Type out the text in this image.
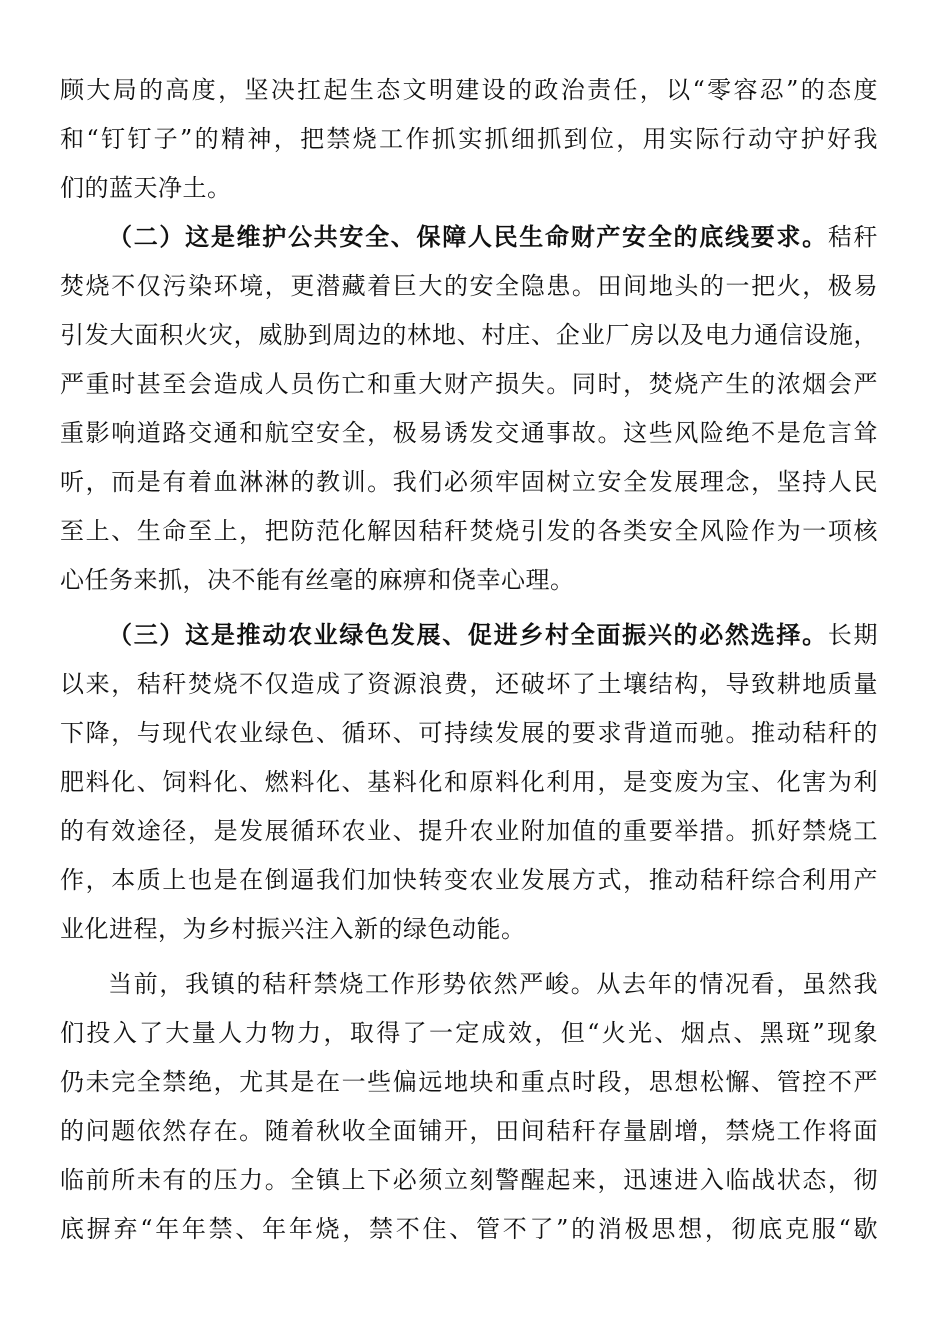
顾大局的高度，坚决扛起生态文明建设的政治责任，以“零容忍”的态度
和“钉钉子”的精神，把禁烧工作抓实抓细抓到位，用实际行动守护好我
们的蓝天净土。
（二）这是维护公共安全、保障人民生命财产安全的底线要求。秸秆
焚烧不仅污染环境，更潜藏着巨大的安全隐患。田间地头的一把火，极易
引发大面积火灾，威胁到周边的林地、村庄、企业厂房以及电力通信设施，
严重时甚至会造成人员伤亡和重大财产损失。同时，焚烧产生的浓烟会严
重影响道路交通和航空安全，极易诱发交通事故。这些风险绝不是危言耸
听，而是有着血淋淋的教训。我们必须牢固树立安全发展理念，坚持人民
至上、生命至上，把防范化解因秸秆焚烧引发的各类安全风险作为一项核
心任务来抓，决不能有丝毫的麻痹和侥幸心理。
（三）这是推动农业绿色发展、促进乡村全面振兴的必然选择。长期
以来，秸秆焚烧不仅造成了资源浪费，还破坏了土壤结构，导致耕地质量
下降，与现代农业绿色、循环、可持续发展的要求背道而驰。推动秸秆的
肥料化、饲料化、燃料化、基料化和原料化利用，是变废为宝、化害为利
的有效途径，是发展循环农业、提升农业附加值的重要举措。抓好禁烧工
作，本质上也是在倒逼我们加快转变农业发展方式，推动秸秆综合利用产
业化进程，为乡村振兴注入新的绿色动能。
当前，我镇的秸秆禁烧工作形势依然严峻。从去年的情况看，虽然我
们投入了大量人力物力，取得了一定成效，但“火光、烟点、黑斑”现象
仍未完全禁绝，尤其是在一些偏远地块和重点时段，思想松懈、管控不严
的问题依然存在。随着秋收全面铺开，田间秸秆存量剧增，禁烧工作将面
临前所未有的压力。全镇上下必须立刻警醒起来，迅速进入临战状态，彻
底摒弃“年年禁、年年烧，禁不住、管不了”的消极思想，彻底克服“歇
